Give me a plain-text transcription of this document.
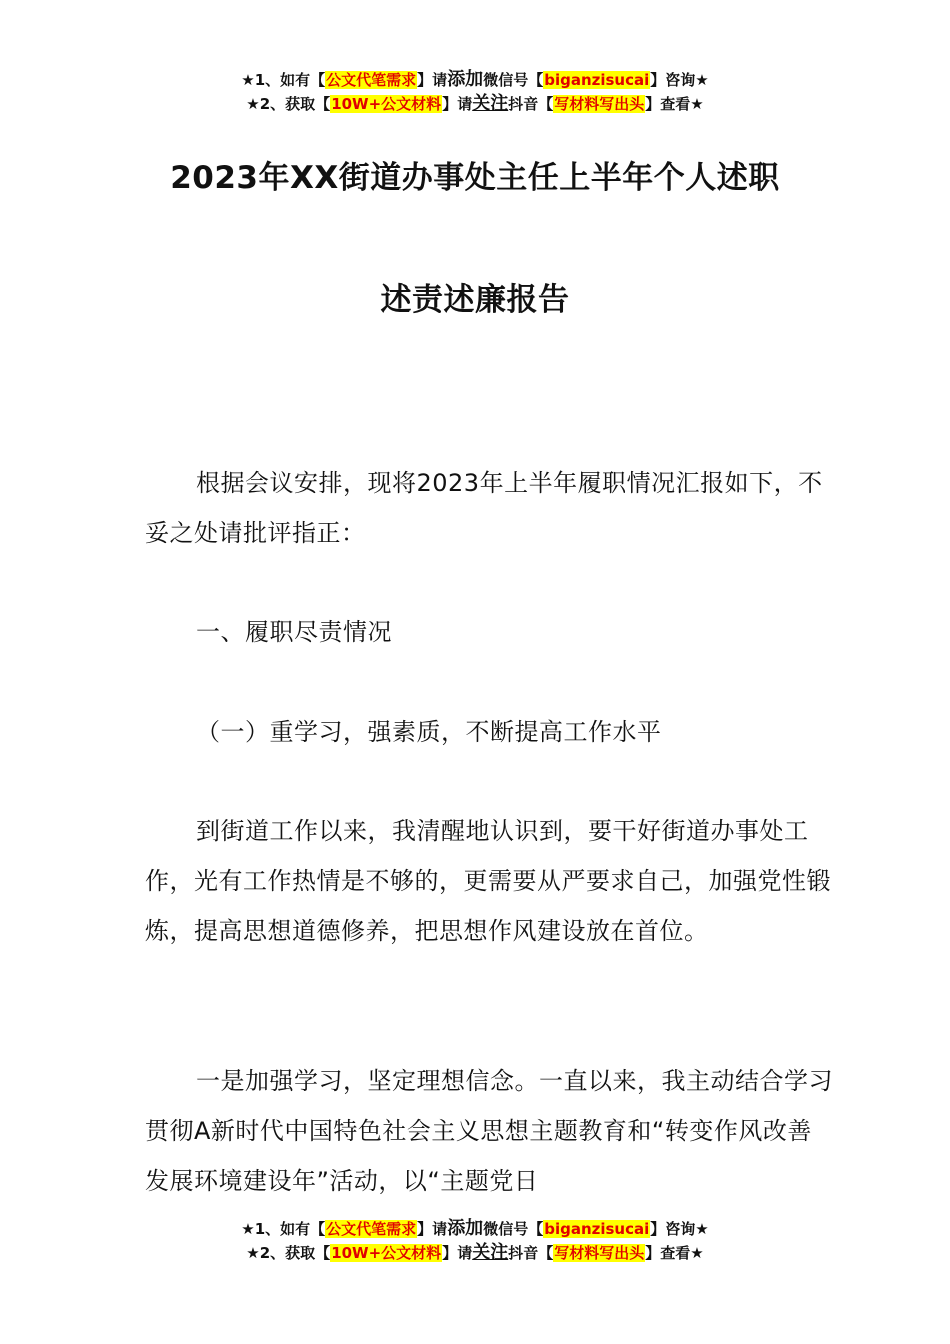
★1、如有【公文代笔需求】请添加微信号【biganzisucai】咨询★
★2、获取【10W+公文材料】请关注抖音【写材料写出头】查看★
2023年XX街道办事处主任上半年个人述职
述责述廉报告
根据会议安排，现将2023年上半年履职情况汇报如下，不妥之处请批评指正：
一、履职尽责情况
（一）重学习，强素质，不断提高工作水平
到街道工作以来，我清醒地认识到，要干好街道办事处工作，光有工作热情是不够的，更需要从严要求自己，加强党性锻炼，提高思想道德修养，把思想作风建设放在首位。
一是加强学习，坚定理想信念。一直以来，我主动结合学习贯彻A新时代中国特色社会主义思想主题教育和“转变作风改善发展环境建设年”活动，以“主题党日
★1、如有【公文代笔需求】请添加微信号【biganzisucai】咨询★
★2、获取【10W+公文材料】请关注抖音【写材料写出头】查看★
